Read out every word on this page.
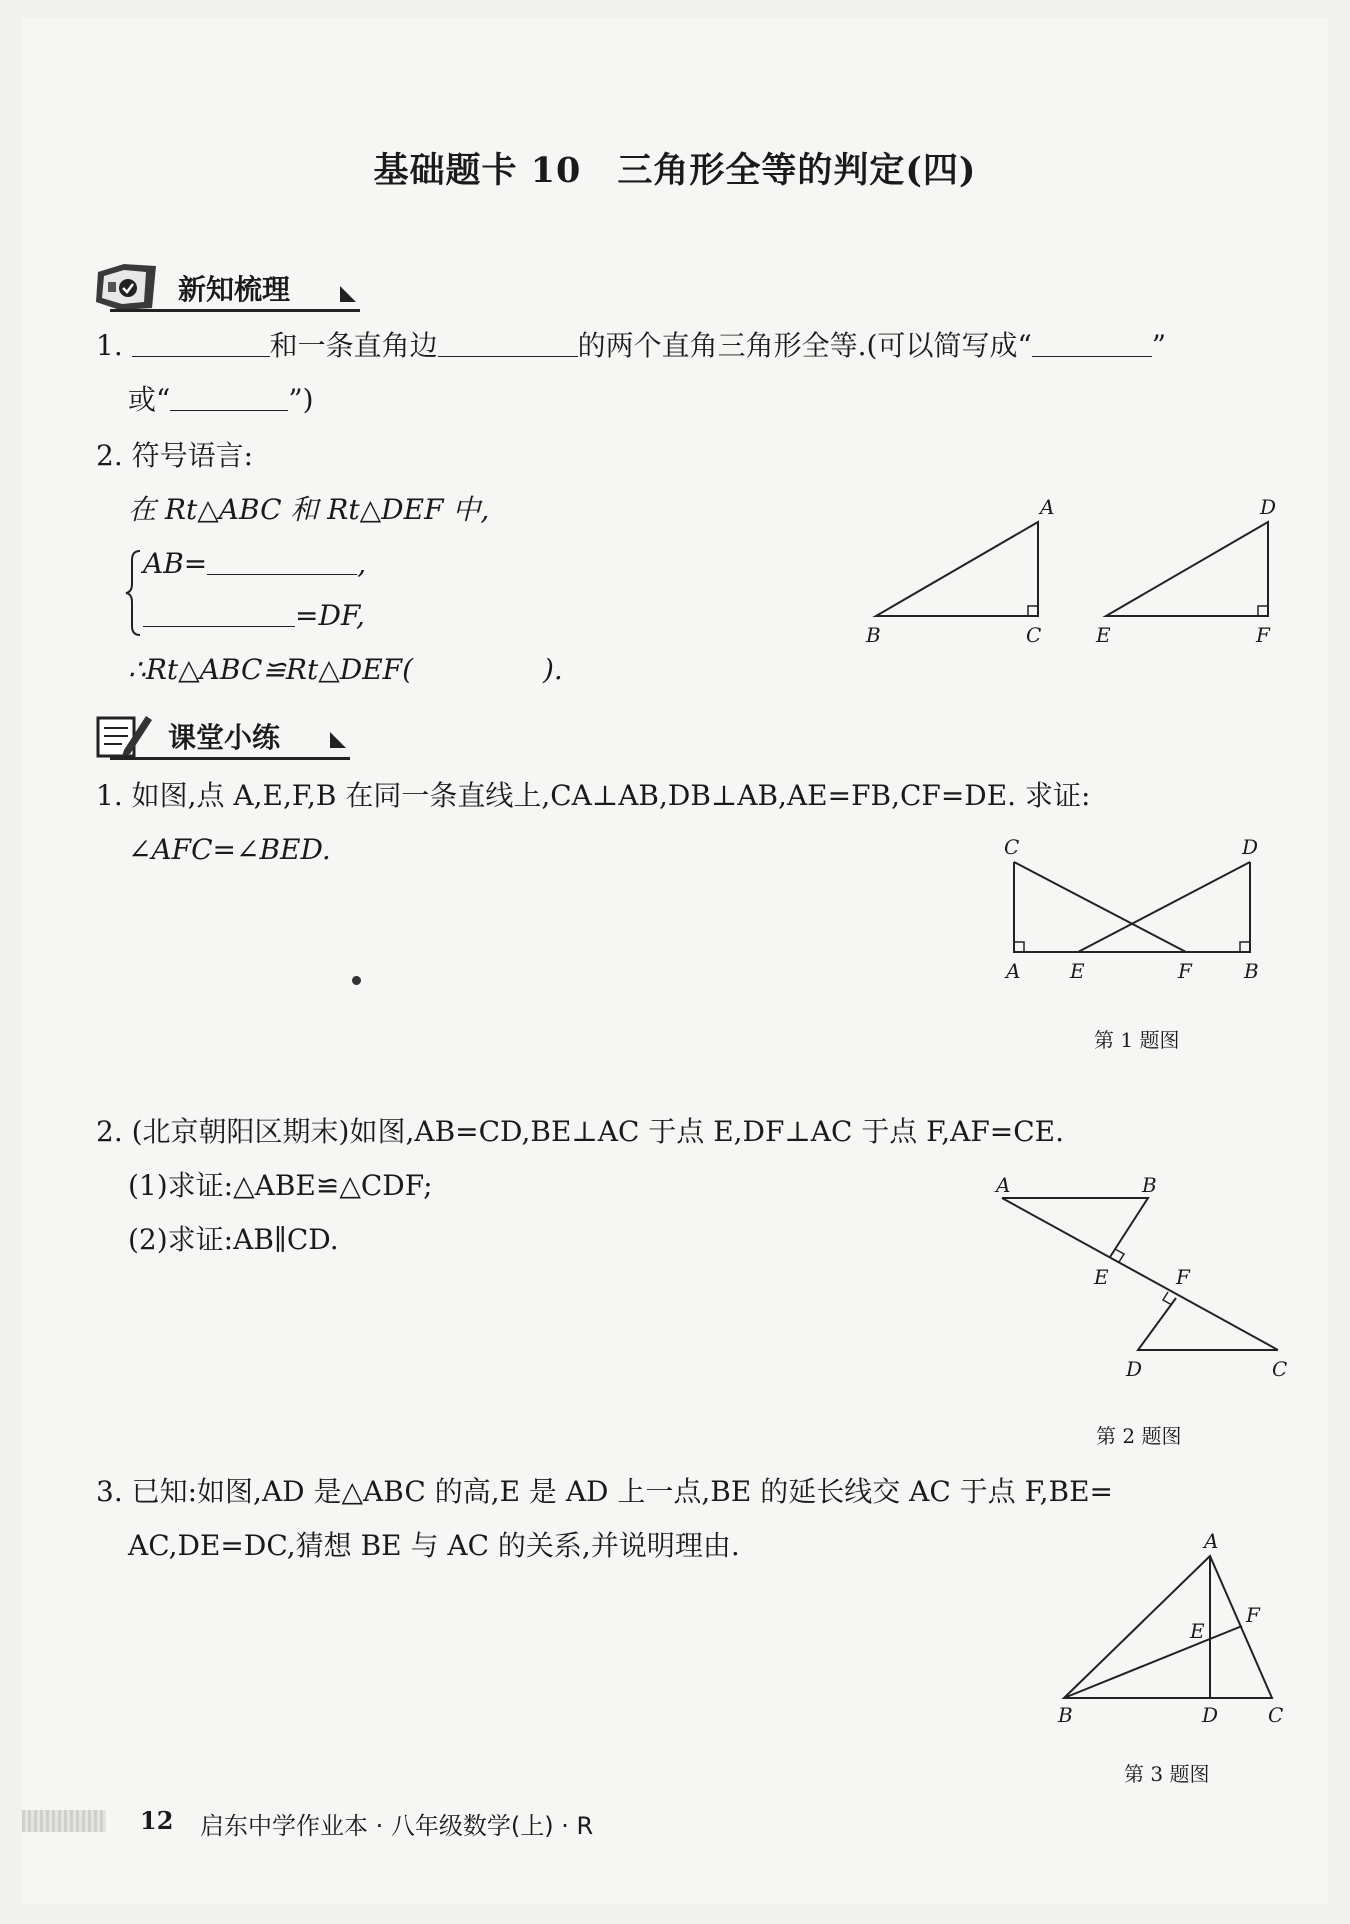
基础题卡 10　三角形全等的判定(四)
新知梳理
1.	和一条直角边	的两个直角三角形全等.(可以简写成“	”
或“	”)
2. 符号语言:
在 Rt△ABC 和 Rt△DEF 中,
AB=	,
=DF,
∴Rt△ABC≌Rt△DEF(	).
A
B	C
D
E	F
课堂小练
1. 如图,点 A,E,F,B 在同一条直线上,CA⊥AB,DB⊥AB,AE=FB,CF=DE. 求证:
∠AFC=∠BED.	C	D
A E	F	B
第 1 题图
2. (北京朝阳区期末)如图,AB=CD,BE⊥AC 于点 E,DF⊥AC 于点 F,AF=CE.
(1)求证:△ABE≌△CDF;
(2)求证:AB∥CD.
A	B
E	F
D	C
第 2 题图
3. 已知:如图,AD 是△ABC 的高,E 是 AD 上一点,BE 的延长线交 AC 于点 F,BE=
AC,DE=DC,猜想 BE 与 AC 的关系,并说明理由.	A
E
F
B	D C
第 3 题图
12 启东中学作业本 · 八年级数学(上) · R
